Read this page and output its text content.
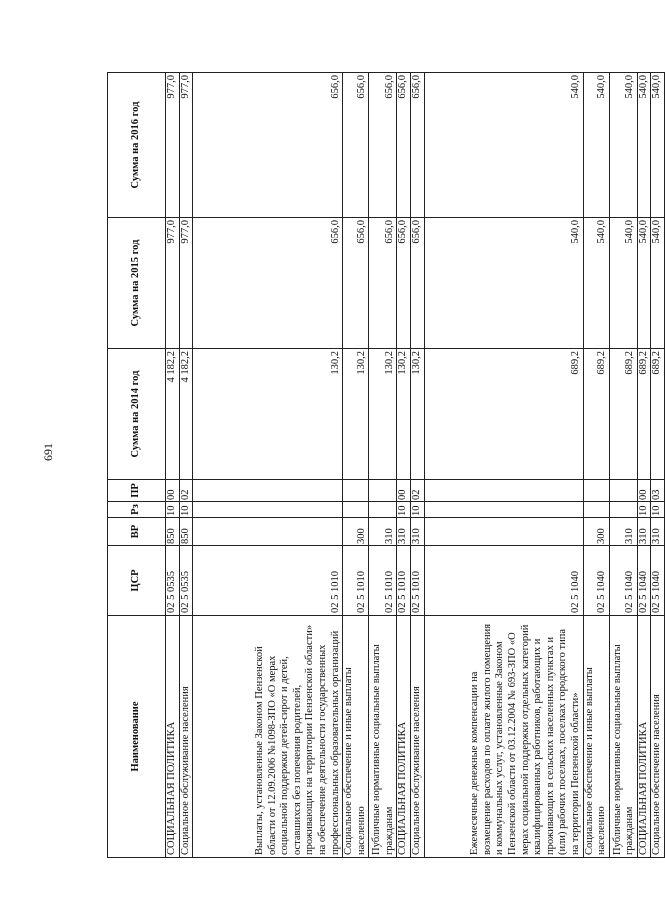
691
Наименование	ЦСР	ВР	Рз	ПР	Сумма на 2014 год	Сумма на 2015 год	Сумма на 2016 год
СОЦИАЛЬНАЯ ПОЛИТИКА	02 5 0535	850	10	00	4 182,2	977,0	977,0
Социальное обслуживание населения	02 5 0535	850	10	02	4 182,2	977,0	977,0
Выплаты, установленные Законом Пензенской области от 12.09.2006 №1098-ЗПО «О мерах социальной поддержки детей-сирот и детей, оставшихся без попечения родителей, проживающих на территории Пензенской области» на обеспечение деятельности государственных профессиональных образовательных организаций	02 5 1010				130,2	656,0	656,0
Социальное обеспечение и иные выплаты населению	02 5 1010	300			130,2	656,0	656,0
Публичные нормативные социальные выплаты гражданам	02 5 1010	310			130,2	656,0	656,0
СОЦИАЛЬНАЯ ПОЛИТИКА	02 5 1010	310	10	00	130,2	656,0	656,0
Социальное обслуживание населения	02 5 1010	310	10	02	130,2	656,0	656,0
Ежемесячные денежные компенсации на возмещение расходов по оплате жилого помещения и коммунальных услуг, установленные Законом Пензенской области от 03.12.2004 № 693-ЗПО «О мерах социальной поддержки отдельных категорий квалифицированных работников, работающих и проживающих в сельских населенных пунктах и (или) рабочих поселках, поселках городского типа на территории Пензенской области»	02 5 1040				689,2	540,0	540,0
Социальное обеспечение и иные выплаты населению	02 5 1040	300			689,2	540,0	540,0
Публичные нормативные социальные выплаты гражданам	02 5 1040	310			689,2	540,0	540,0
СОЦИАЛЬНАЯ ПОЛИТИКА	02 5 1040	310	10	00	689,2	540,0	540,0
Социальное обеспечение населения	02 5 1040	310	10	03	689,2	540,0	540,0
